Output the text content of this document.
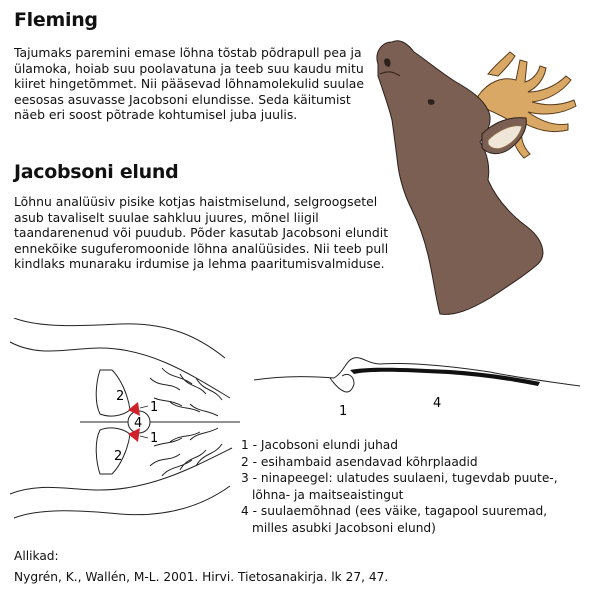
Fleming

Tajumaks paremini emase lõhna tõstab põdrapull pea ja ülamoka, hoiab suu poolavatuna ja teeb suu kaudu mitu kiiret hingetõmmet. Nii pääsevad lõhnamolekulid suulae eesosas asuvasse Jacobsoni elundisse. Seda käitumist näeb eri soost põtrade kohtumisel juba juulis.

Jacobsoni elund

Lõhnu analüüsiv pisike kotjas haistmiselund, selgroogsetel asub tavaliselt suulae sahkluu juures, mõnel liigil taandarenenud või puudub. Põder kasutab Jacobsoni elundit ennekõike suguferomoonide lõhna analüüsides. Nii teeb pull kindlaks munaraku irdumise ja lehma paaritumisvalmiduse.

2
1
4
1
2
1
4
1 - Jacobsoni elundi juhad
2 - esihambaid asendavad kõhrplaadid
3 - ninapeegel: ulatudes suulaeni, tugevdab puute-,
lõhna- ja maitseaistingut
4 - suulaemõhnad (ees väike, tagapool suuremad,
milles asubki Jacobsoni elund)
Allikad:
Nygrén, K., Wallén, M-L. 2001. Hirvi. Tietosanakirja. lk 27, 47.
